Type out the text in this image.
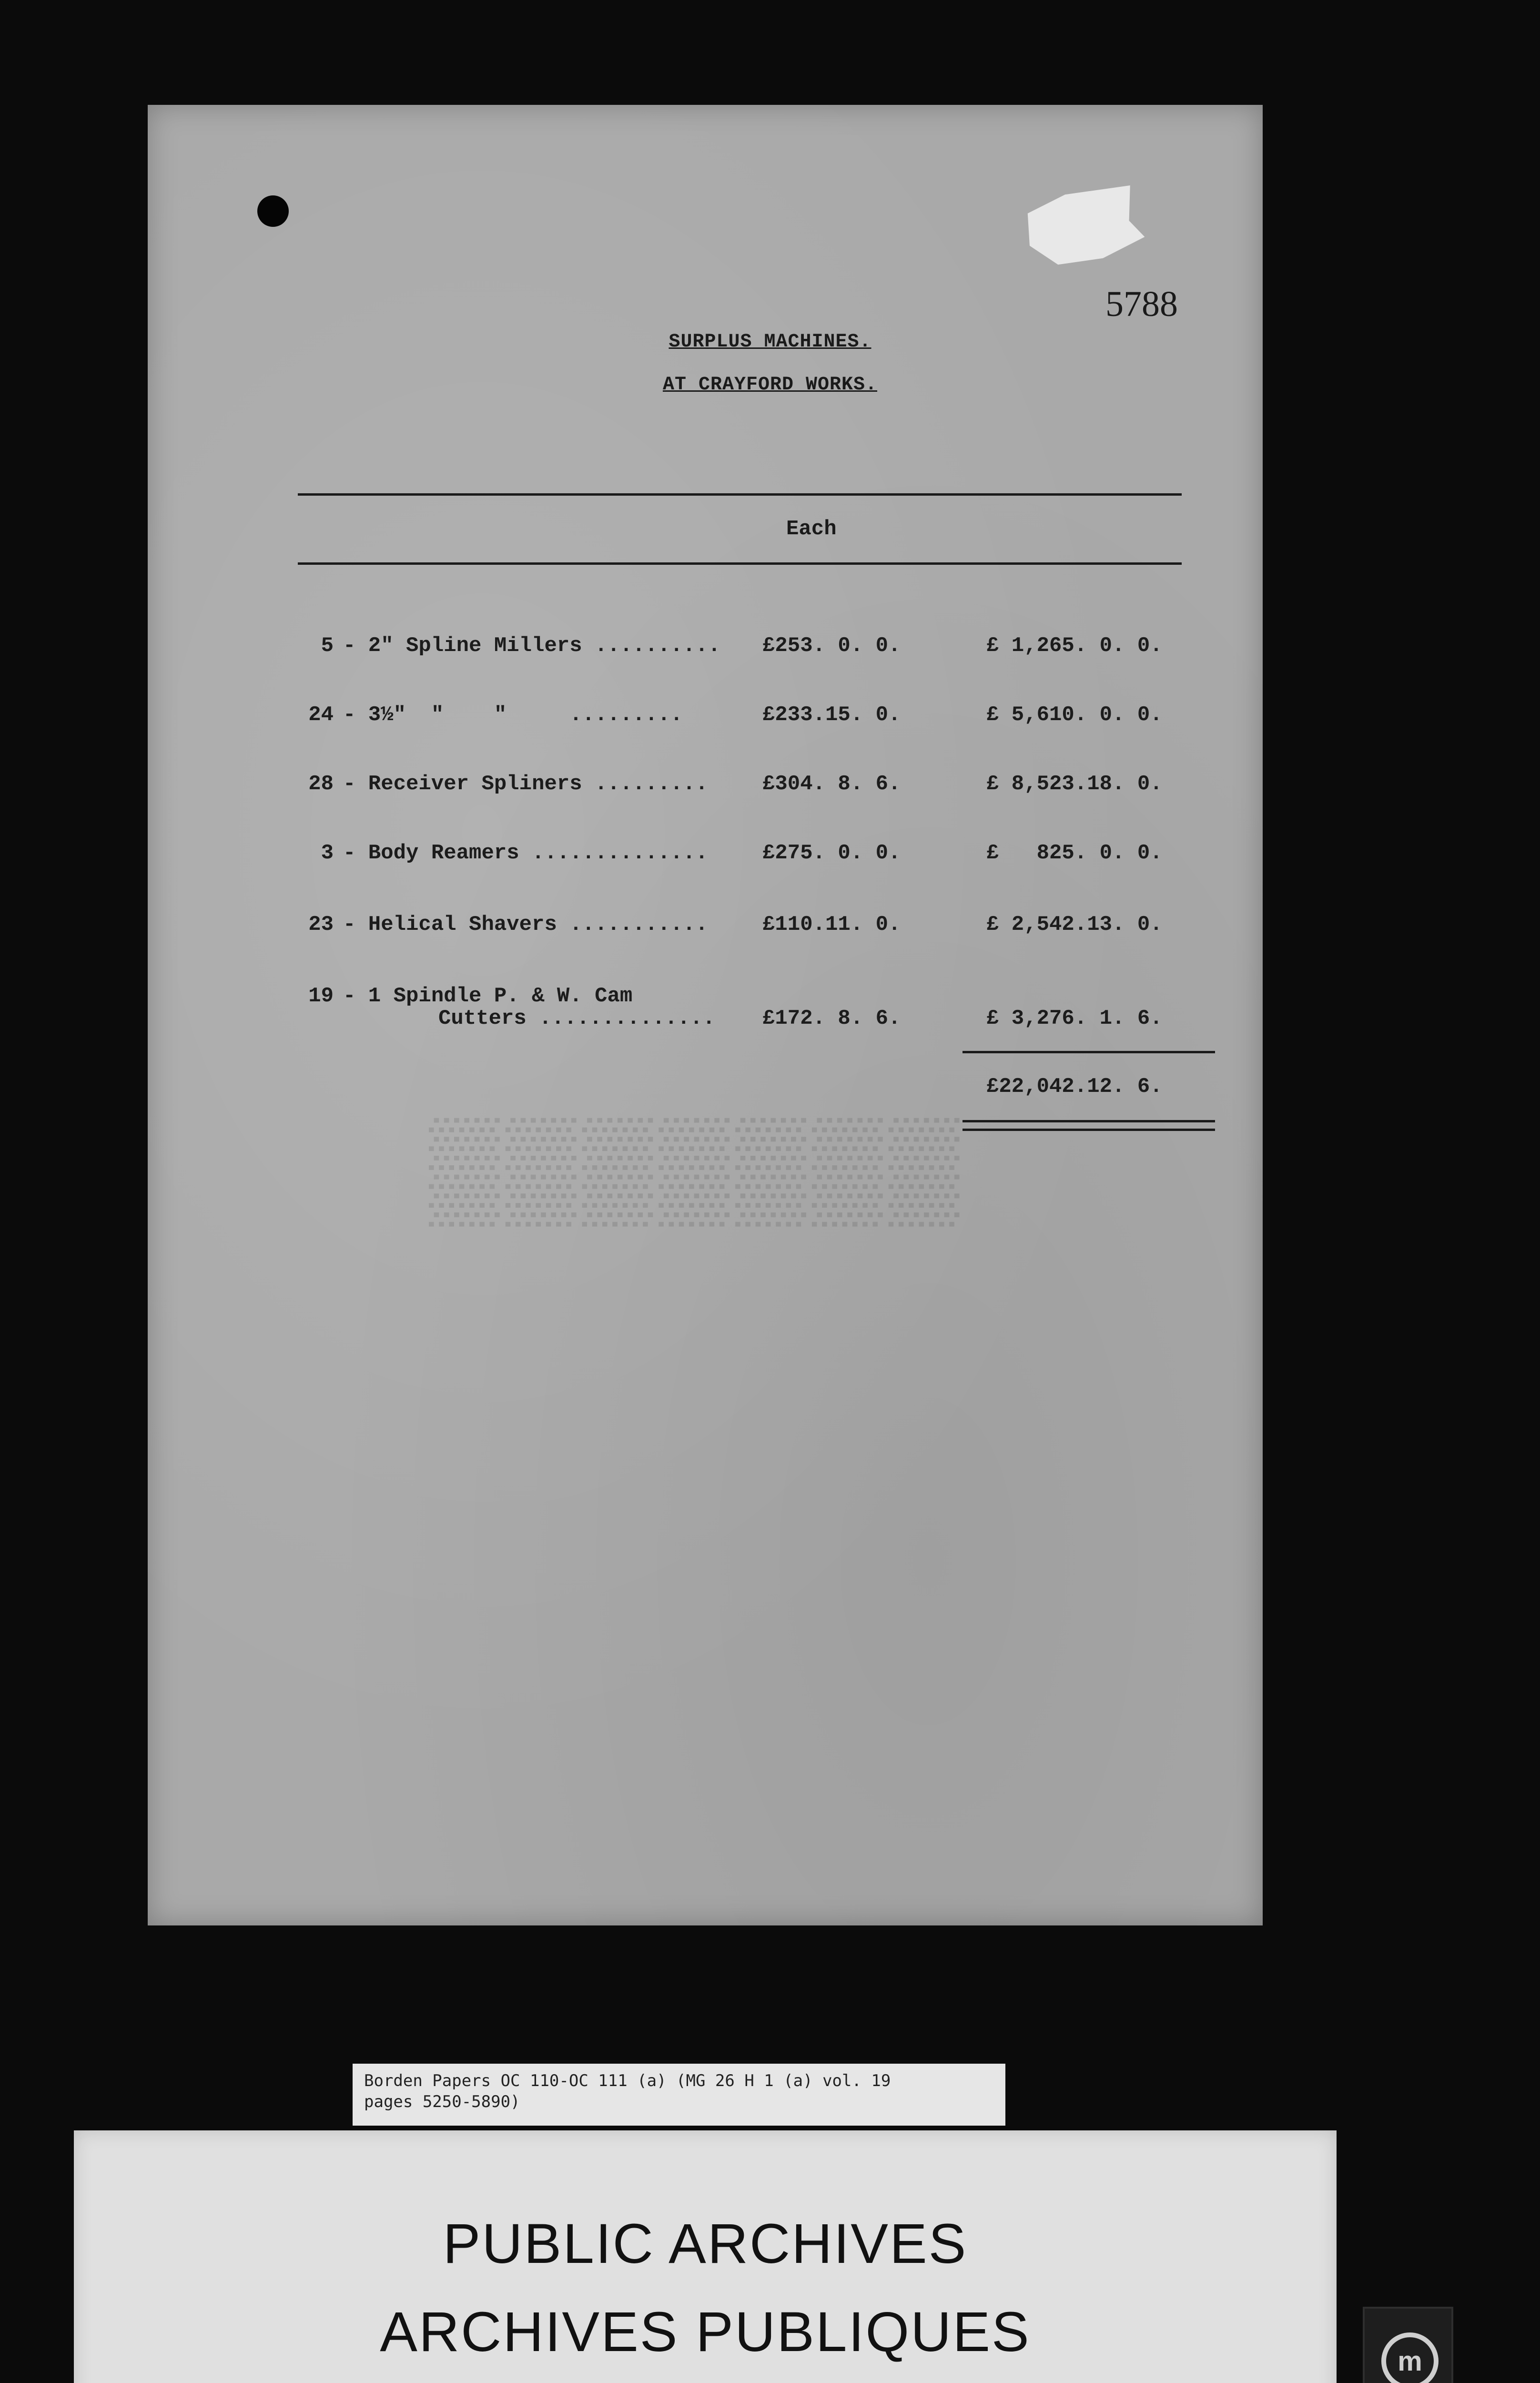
5788
SURPLUS MACHINES.
AT CRAYFORD WORKS.
Each
5 - 2" Spline Millers .......... £253. 0. 0.	£ 1,265. 0. 0.
24 - 3½"  "    "     .........	£233.15. 0.	£ 5,610. 0. 0.
28 - Receiver Spliners .........	£304. 8. 6.	£ 8,523.18. 0.
3 - Body Reamers ..............	£275. 0. 0.	£   825. 0. 0.
23 - Helical Shavers ...........	£110.11. 0.	£ 2,542.13. 0.
19 - 1 Spindle P. & W. Cam
Cutters .............. £172. 8. 6.	£ 3,276. 1. 6.
£22,042.12. 6.
▒▒▒▒▒▒▒
Borden Papers OC 110-OC 111 (a) (MG 26 H 1 (a) vol. 19
pages 5250-5890)
PUBLIC ARCHIVES
ARCHIVES PUBLIQUES	m
